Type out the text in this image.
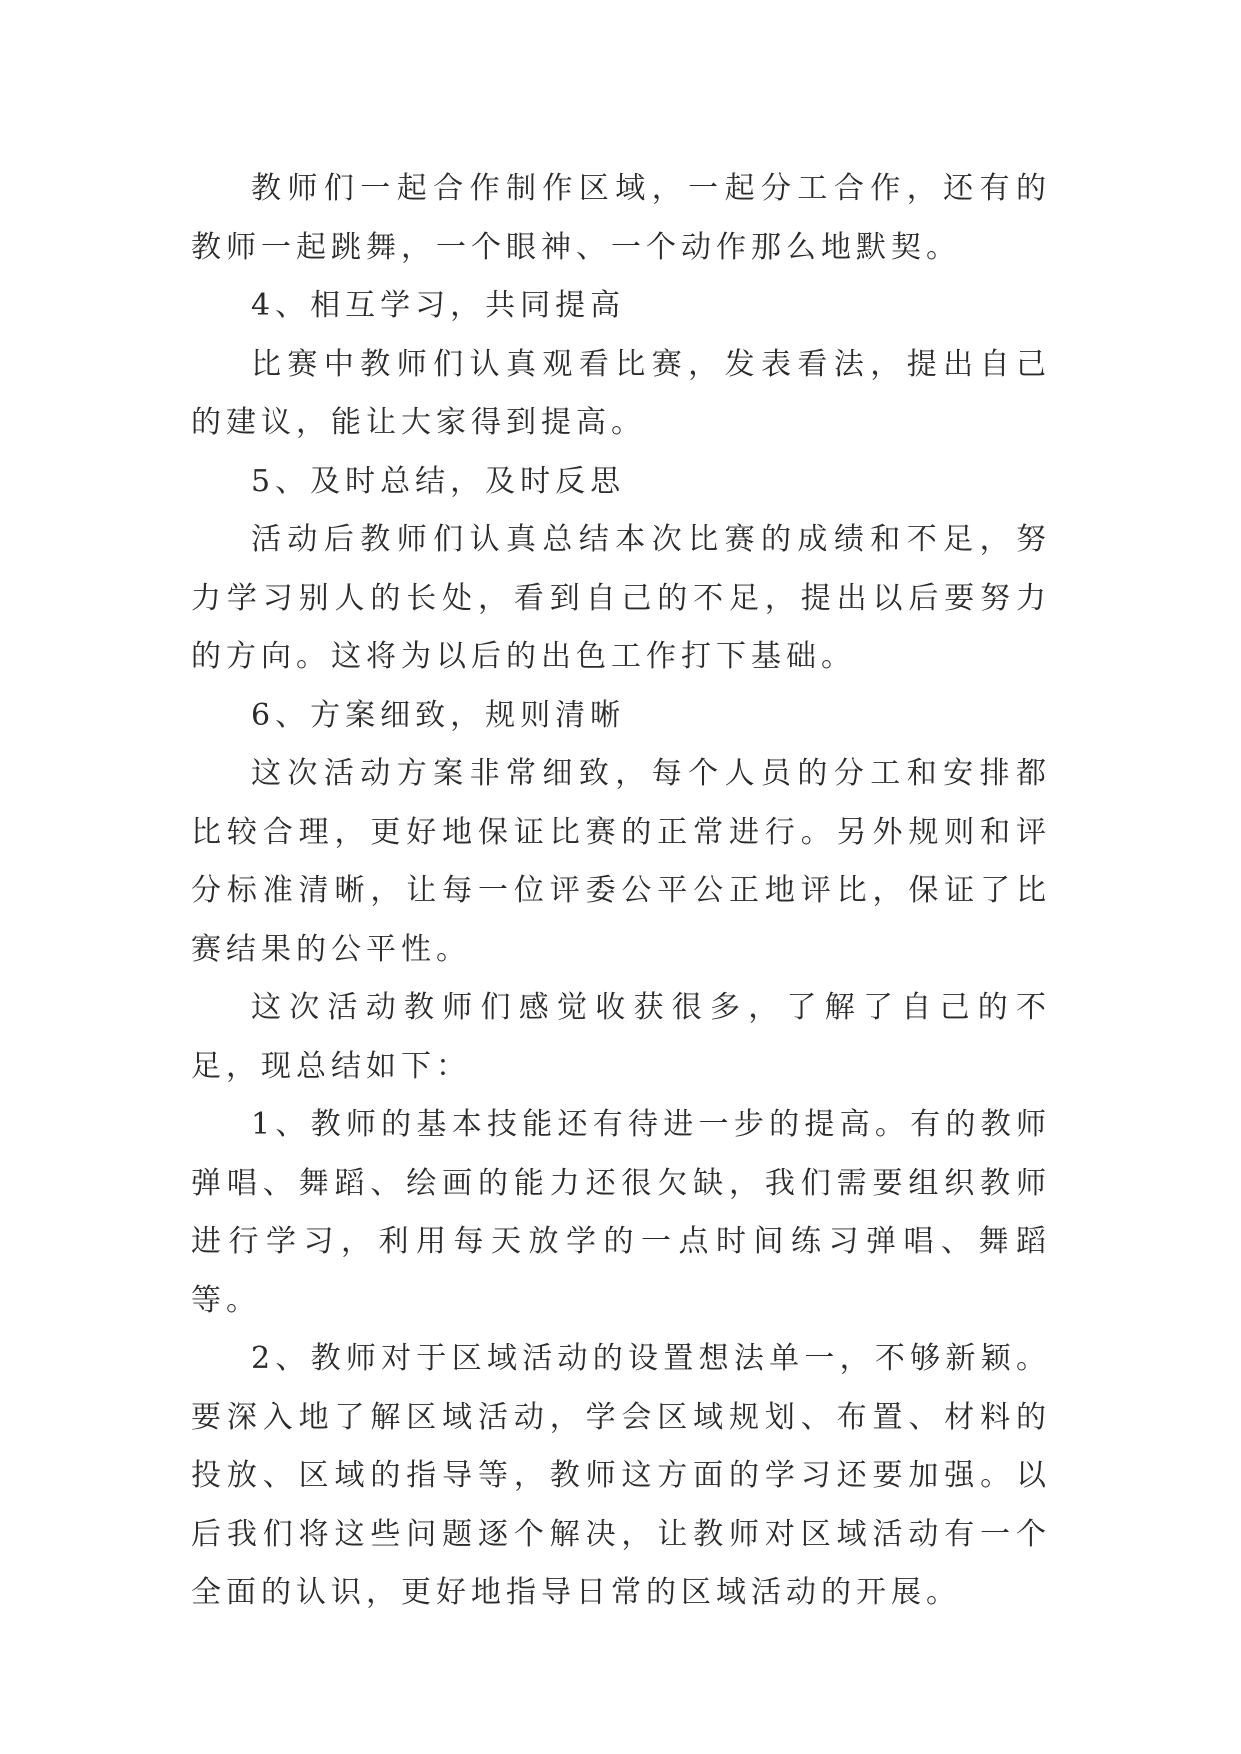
教师们一起合作制作区域，一起分工合作，还有的教师一起跳舞，一个眼神、一个动作那么地默契。

4、相互学习，共同提高

比赛中教师们认真观看比赛，发表看法，提出自己的建议，能让大家得到提高。

5、及时总结，及时反思

活动后教师们认真总结本次比赛的成绩和不足，努力学习别人的长处，看到自己的不足，提出以后要努力的方向。这将为以后的出色工作打下基础。

6、方案细致，规则清晰

这次活动方案非常细致，每个人员的分工和安排都比较合理，更好地保证比赛的正常进行。另外规则和评分标准清晰，让每一位评委公平公正地评比，保证了比赛结果的公平性。

这次活动教师们感觉收获很多，了解了自己的不足，现总结如下：

1、教师的基本技能还有待进一步的提高。有的教师弹唱、舞蹈、绘画的能力还很欠缺，我们需要组织教师进行学习，利用每天放学的一点时间练习弹唱、舞蹈等。

2、教师对于区域活动的设置想法单一，不够新颖。要深入地了解区域活动，学会区域规划、布置、材料的投放、区域的指导等，教师这方面的学习还要加强。以后我们将这些问题逐个解决，让教师对区域活动有一个全面的认识，更好地指导日常的区域活动的开展。
